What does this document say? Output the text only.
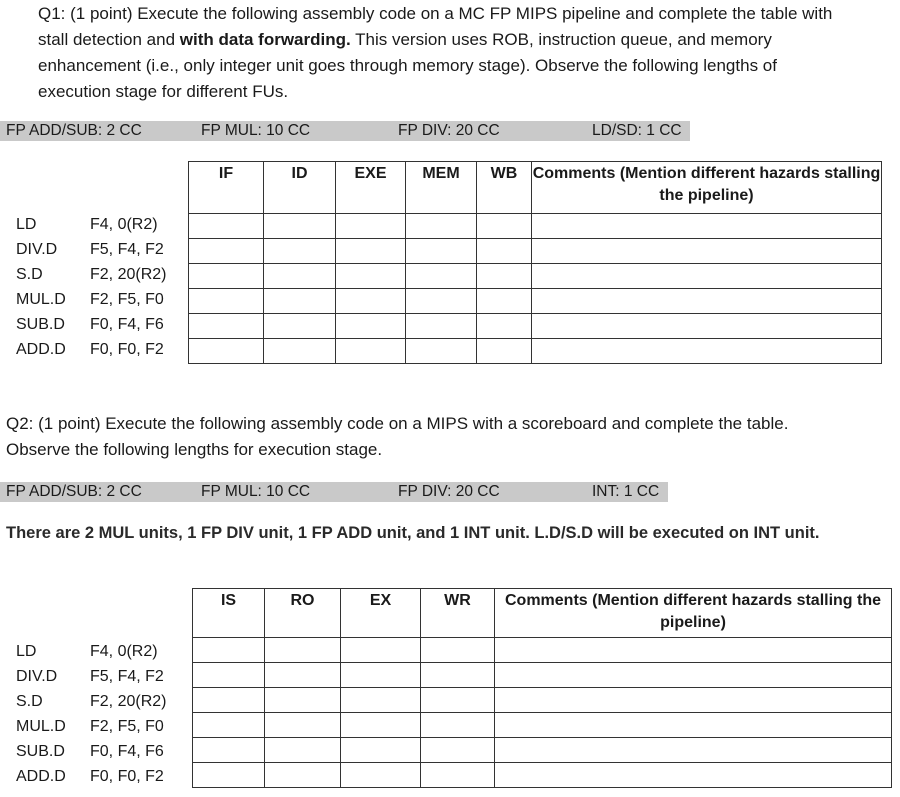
Q1: (1 point) Execute the following assembly code on a MC FP MIPS pipeline and complete the table with stall detection and with data forwarding. This version uses ROB, instruction queue, and memory enhancement (i.e., only integer unit goes through memory stage). Observe the following lengths of execution stage for different FUs.
FP ADD/SUB: 2 CC	FP MUL: 10 CC	FP DIV: 20 CC	LD/SD: 1 CC
LD	F4, 0(R2)
DIV.D F5, F4, F2
S.D	F2, 20(R2)
MUL.D F2, F5, F0
SUB.D F0, F4, F6
ADD.D F0, F0, F2
IF	ID	EXE	MEM	WB	Comments (Mention different hazards stalling the pipeline)

Q2: (1 point) Execute the following assembly code on a MIPS with a scoreboard and complete the table. Observe the following lengths for execution stage.
FP ADD/SUB: 2 CC	FP MUL: 10 CC	FP DIV: 20 CC	INT: 1 CC
There are 2 MUL units, 1 FP DIV unit, 1 FP ADD unit, and 1 INT unit. L.D/S.D will be executed on INT unit.
LD	F4, 0(R2)
DIV.D F5, F4, F2
S.D	F2, 20(R2)
MUL.D F2, F5, F0
SUB.D F0, F4, F6
ADD.D F0, F0, F2
IS	RO	EX	WR	Comments (Mention different hazards stalling the pipeline)
